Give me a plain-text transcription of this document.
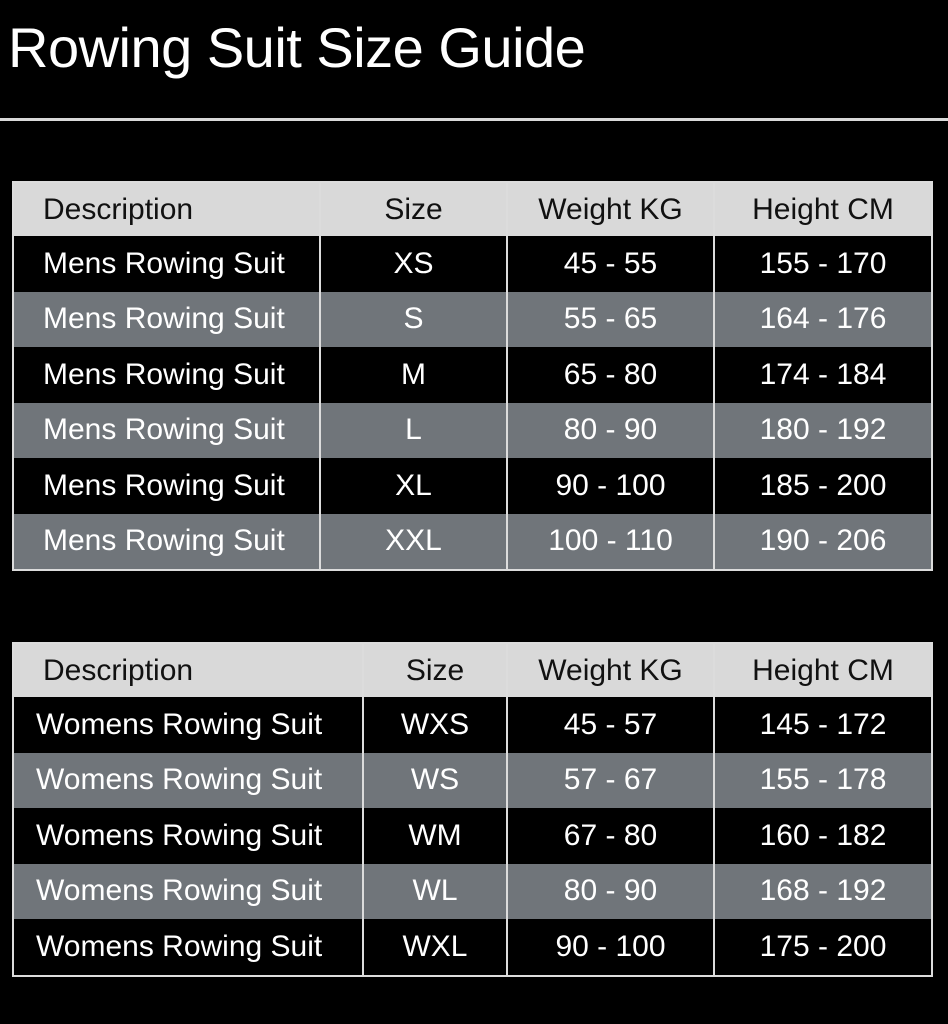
Rowing Suit Size Guide
Description	Size	Weight KG	Height CM
Mens Rowing Suit	XS	45 - 55	155 - 170
Mens Rowing Suit	S	55 - 65	164 - 176
Mens Rowing Suit	M	65 - 80	174 - 184
Mens Rowing Suit	L	80 - 90	180 - 192
Mens Rowing Suit	XL	90 - 100	185 - 200
Mens Rowing Suit	XXL	100 - 110	190 - 206
Description	Size	Weight KG	Height CM
Womens Rowing Suit	WXS	45 - 57	145 - 172
Womens Rowing Suit	WS	57 - 67	155 - 178
Womens Rowing Suit	WM	67 - 80	160 - 182
Womens Rowing Suit	WL	80 - 90	168 - 192
Womens Rowing Suit	WXL	90 - 100	175 - 200
